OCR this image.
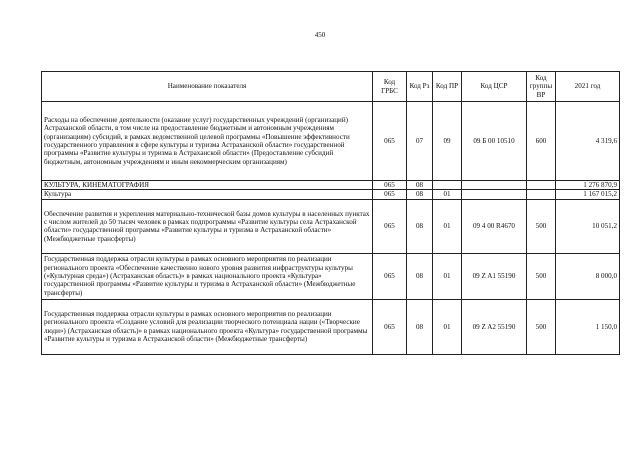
450
Наименование показателя	Код ГРБС	Код Рз	Код ПР	Код ЦСР	Код группы ВР	2021 год
Расходы на обеспечение деятельности (оказание услуг) государственных учреждений (организаций) Астраханской области, в том числе на предоставление бюджетным и автономным учреждениям (организациям) субсидий, в рамках ведомственной целевой программы «Повышение эффективности государственного управления в сфере культуры и туризма Астраханской области» государственной программы «Развитие культуры и туризма в Астраханской области» (Предоставление субсидий бюджетным, автономным учреждениям и иным некоммерческим организациям)	065	07	09	09 Б 00 10510	600	4 319,6
КУЛЬТУРА, КИНЕМАТОГРАФИЯ	065	08				1 276 870,9
Культура	065	08	01			1 167 015,2
Обеспечение развития и укрепления материально-технической базы домов культуры в населенных пунктах с числом жителей до 50 тысяч человек в рамках подпрограммы «Развитие культуры села Астраханской области» государственной программы «Развитие культуры и туризма в Астраханской области» (Межбюджетные трансферты)	065	08	01	09 4 00 R4670	500	10 051,2
Государственная поддержка отрасли культуры в рамках основного мероприятия по реализации регионального проекта «Обеспечение качественно нового уровня развития инфраструктуры культуры («Культурная среда») (Астраханская область)» в рамках национального проекта «Культура» государственной программы «Развитие культуры и туризма в Астраханской области» (Межбюджетные трансферты)	065	08	01	09 Z A1 55190	500	8 000,0
Государственная поддержка отрасли культуры в рамках основного мероприятия по реализации регионального проекта «Создание условий для реализации творческого потенциала нации («Творческие люди») (Астраханская область)» в рамках национального проекта «Культура» государственной программы «Развитие культуры и туризма в Астраханской области» (Межбюджетные трансферты)	065	08	01	09 Z A2 55190	500	1 150,0
